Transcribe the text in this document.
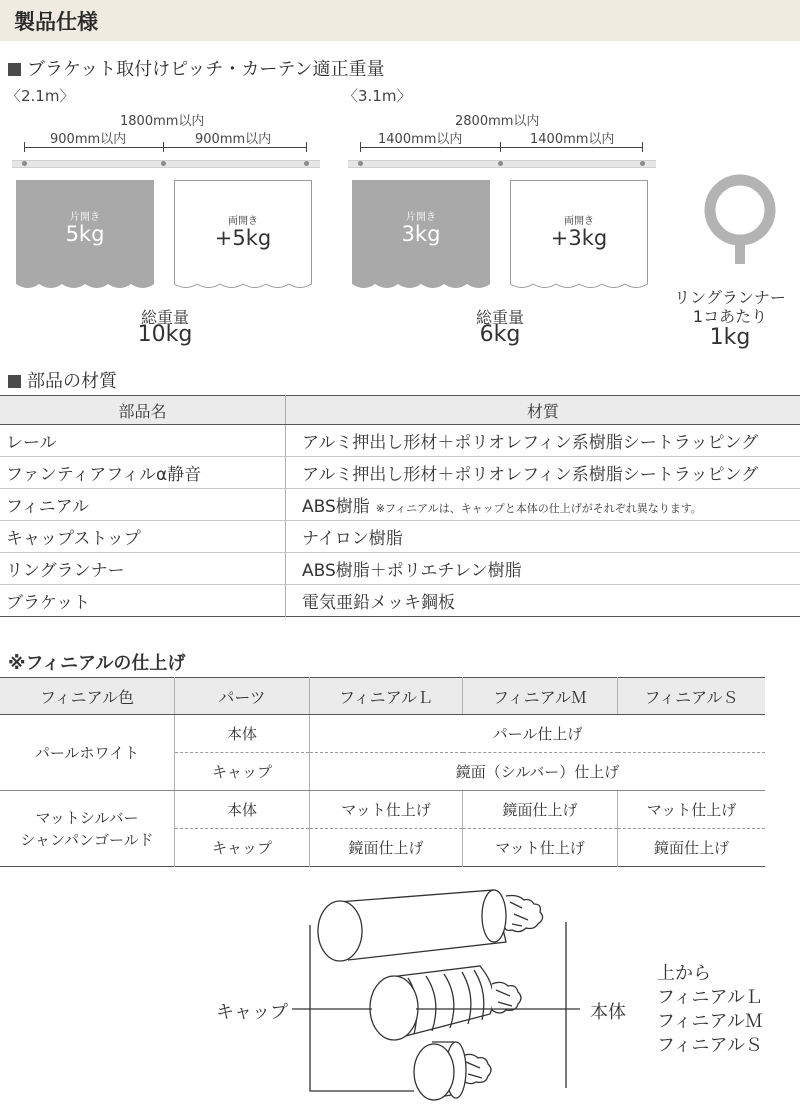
製品仕様
ブラケット取付けピッチ・カーテン適正重量
〈2.1m〉
1800mm以内
900mm以内	900mm以内
片開き
5kg
両開き
+5kg
総重量
10kg
〈3.1m〉
2800mm以内
1400mm以内	1400mm以内
片開き
3kg
両開き
+3kg
総重量
6kg
リングランナー
1コあたり
1kg
部品の材質
部品名	材質
レール	アルミ押出し形材＋ポリオレフィン系樹脂シートラッピング
ファンティアフィルα静音	アルミ押出し形材＋ポリオレフィン系樹脂シートラッピング
フィニアル	ABS樹脂 ※フィニアルは、キャップと本体の仕上げがそれぞれ異なります。
キャップストップ	ナイロン樹脂
リングランナー	ABS樹脂＋ポリエチレン樹脂
ブラケット	電気亜鉛メッキ鋼板
※フィニアルの仕上げ
フィニアル色	パーツ	フィニアルＬ	フィニアルＭ	フィニアルＳ
パールホワイト	本体	パール仕上げ		
	キャップ	鏡面（シルバー）仕上げ		
マットシルバー
シャンパンゴールド	本体	マット仕上げ	鏡面仕上げ	マット仕上げ
	キャップ	鏡面仕上げ	マット仕上げ	鏡面仕上げ
キャップ	本体
上から
フィニアルＬ
フィニアルＭ
フィニアルＳ
